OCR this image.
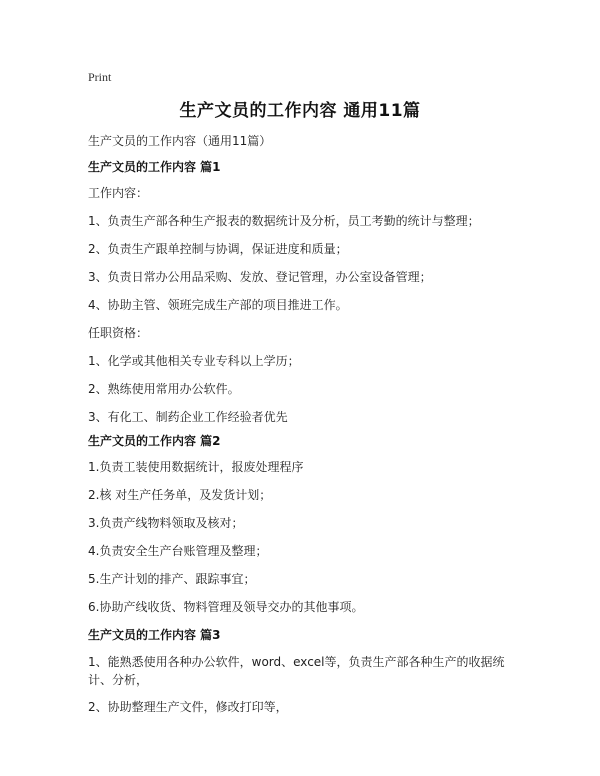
Print
生产文员的工作内容 通用11篇
生产文员的工作内容（通用11篇）
生产文员的工作内容 篇1
工作内容：
1、负责生产部各种生产报表的数据统计及分析，员工考勤的统计与整理；
2、负责生产跟单控制与协调，保证进度和质量；
3、负责日常办公用品采购、发放、登记管理，办公室设备管理；
4、协助主管、领班完成生产部的项目推进工作。
任职资格：
1、化学或其他相关专业专科以上学历；
2、熟练使用常用办公软件。
3、有化工、制药企业工作经验者优先
生产文员的工作内容 篇2
1.负责工装使用数据统计，报废处理程序
2.核 对生产任务单，及发货计划；
3.负责产线物料领取及核对；
4.负责安全生产台账管理及整理；
5.生产计划的排产、跟踪事宜；
6.协助产线收货、物料管理及领导交办的其他事项。
生产文员的工作内容 篇3
1、能熟悉使用各种办公软件，word、excel等，负责生产部各种生产的收据统计、分析，
2、协助整理生产文件，修改打印等，
